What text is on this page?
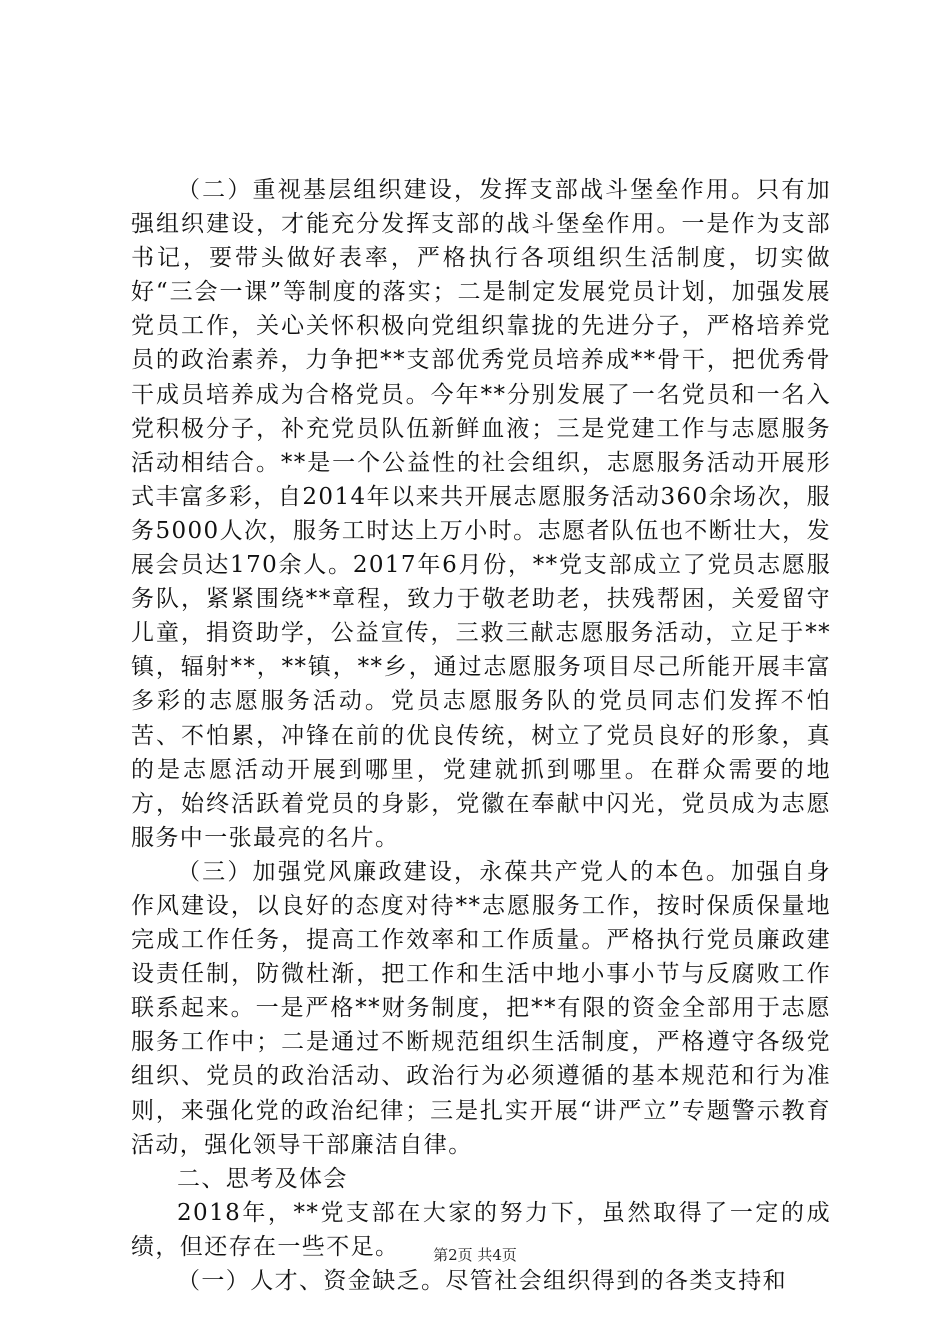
（二）重视基层组织建设，发挥支部战斗堡垒作用。只有加强组织建设，才能充分发挥支部的战斗堡垒作用。一是作为支部书记，要带头做好表率，严格执行各项组织生活制度，切实做好“三会一课”等制度的落实；二是制定发展党员计划，加强发展党员工作，关心关怀积极向党组织靠拢的先进分子，严格培养党员的政治素养，力争把**支部优秀党员培养成**骨干，把优秀骨干成员培养成为合格党员。今年**分别发展了一名党员和一名入党积极分子，补充党员队伍新鲜血液；三是党建工作与志愿服务活动相结合。**是一个公益性的社会组织，志愿服务活动开展形式丰富多彩，自2014年以来共开展志愿服务活动360余场次，服务5000人次，服务工时达上万小时。志愿者队伍也不断壮大，发展会员达170余人。2017年6月份，**党支部成立了党员志愿服务队，紧紧围绕**章程，致力于敬老助老，扶残帮困，关爱留守儿童，捐资助学，公益宣传，三救三献志愿服务活动，立足于**镇，辐射**，**镇，**乡，通过志愿服务项目尽己所能开展丰富多彩的志愿服务活动。党员志愿服务队的党员同志们发挥不怕苦、不怕累，冲锋在前的优良传统，树立了党员良好的形象，真的是志愿活动开展到哪里，党建就抓到哪里。在群众需要的地方，始终活跃着党员的身影，党徽在奉献中闪光，党员成为志愿服务中一张最亮的名片。

（三）加强党风廉政建设，永葆共产党人的本色。加强自身作风建设，以良好的态度对待**志愿服务工作，按时保质保量地完成工作任务，提高工作效率和工作质量。严格执行党员廉政建设责任制，防微杜渐，把工作和生活中地小事小节与反腐败工作联系起来。一是严格**财务制度，把**有限的资金全部用于志愿服务工作中；二是通过不断规范组织生活制度，严格遵守各级党组织、党员的政治活动、政治行为必须遵循的基本规范和行为准则，来强化党的政治纪律；三是扎实开展“讲严立”专题警示教育活动，强化领导干部廉洁自律。

二、思考及体会

2018年，**党支部在大家的努力下，虽然取得了一定的成绩，但还存在一些不足。

（一）人才、资金缺乏。尽管社会组织得到的各类支持和

第2页 共4页
